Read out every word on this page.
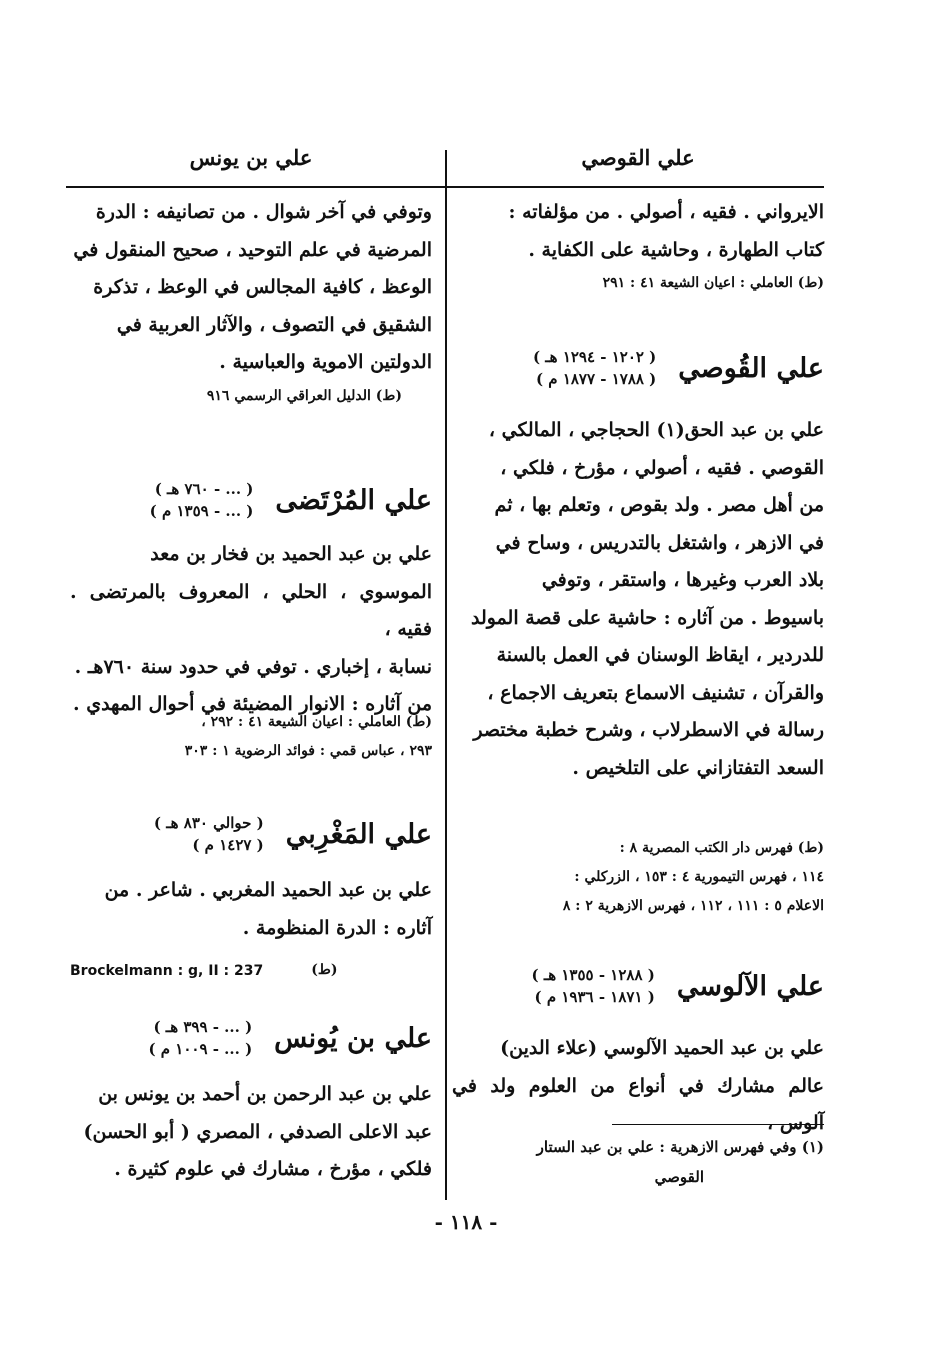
علي القوصي
علي بن يونس

الايرواني . فقيه ، أصولي . من مؤلفاته :

كتاب الطهارة ، وحاشية على الكفاية .

(ط) العاملي : اعيان الشيعة ٤١ : ٢٩١

علي القُوصي
( ١٢٠٢ - ١٢٩٤ هـ )
( ١٧٨٨ - ١٨٧٧ م )

علي بن عبد الحق(١) الحجاجي ، المالكي ،

القوصي . فقيه ، أصولي ، مؤرخ ، فلكي ،

من أهل مصر . ولد بقوص ، وتعلم بها ، ثم

في الازهر ، واشتغل بالتدريس ، وساح في

بلاد العرب وغيرها ، واستقر ، وتوفي

باسيوط . من آثاره : حاشية على قصة المولد

للدردير ، ايقاظ الوسنان في العمل بالسنة

والقرآن ، تشنيف الاسماع بتعريف الاجماع ،

رسالة في الاسطرلاب ، وشرح خطبة مختصر

السعد التفتازاني على التلخيص .

(ط) فهرس دار الكتب المصرية ٨ :

١١٤ ، فهرس التيمورية ٤ : ١٥٣ ، الزركلي :

الاعلام ٥ : ١١١ ، ١١٢ ، فهرس الازهرية ٢ : ٨

علي الآلوسي
( ١٢٨٨ - ١٣٥٥ هـ )
( ١٨٧١ - ١٩٣٦ م )

علي بن عبد الحميد الآلوسي (علاء الدين)

عالم مشارك في أنواع من العلوم ولد في آلوس ،

(١) وفي فهرس الازهرية : علي بن عبد الستار
القوصي

وتوفي في آخر شوال . من تصانيفه : الدرة

المرضية في علم التوحيد ، صحيح المنقول في

الوعظ ، كافية المجالس في الوعظ ، تذكرة

الشقيق في التصوف ، والآثار العربية في

الدولتين الاموية والعباسية .

(ط) الدليل العراقي الرسمي ٩١٦

علي المُرْتَضى
( ... - ٧٦٠ هـ )
( ... - ١٣٥٩ م )

علي بن عبد الحميد بن فخار بن معد

الموسوي ، الحلي ، المعروف بالمرتضى . فقيه ،

نسابة ، إخباري . توفي في حدود سنة ٧٦٠هـ .

من آثاره : الانوار المضيئة في أحوال المهدي .

(ط) العاملي : اعيان الشيعة ٤١ : ٢٩٢ ،

٢٩٣ ، عباس قمي : فوائد الرضوية ١ : ٣٠٣

علي المَغْرِبي
( حوالي ٨٣٠ هـ )
( ١٤٢٧ م )

علي بن عبد الحميد المغربي . شاعر . من

آثاره : الدرة المنظومة .

Brockelmann : g, II : 237	(ط)
علي بن يُونس
( ... - ٣٩٩ هـ )
( ... - ١٠٠٩ م )

علي بن عبد الرحمن بن أحمد بن يونس بن

عبد الاعلى الصدفي ، المصري ( أبو الحسن)

فلكي ، مؤرخ ، مشارك في علوم كثيرة .

- ١١٨ -
